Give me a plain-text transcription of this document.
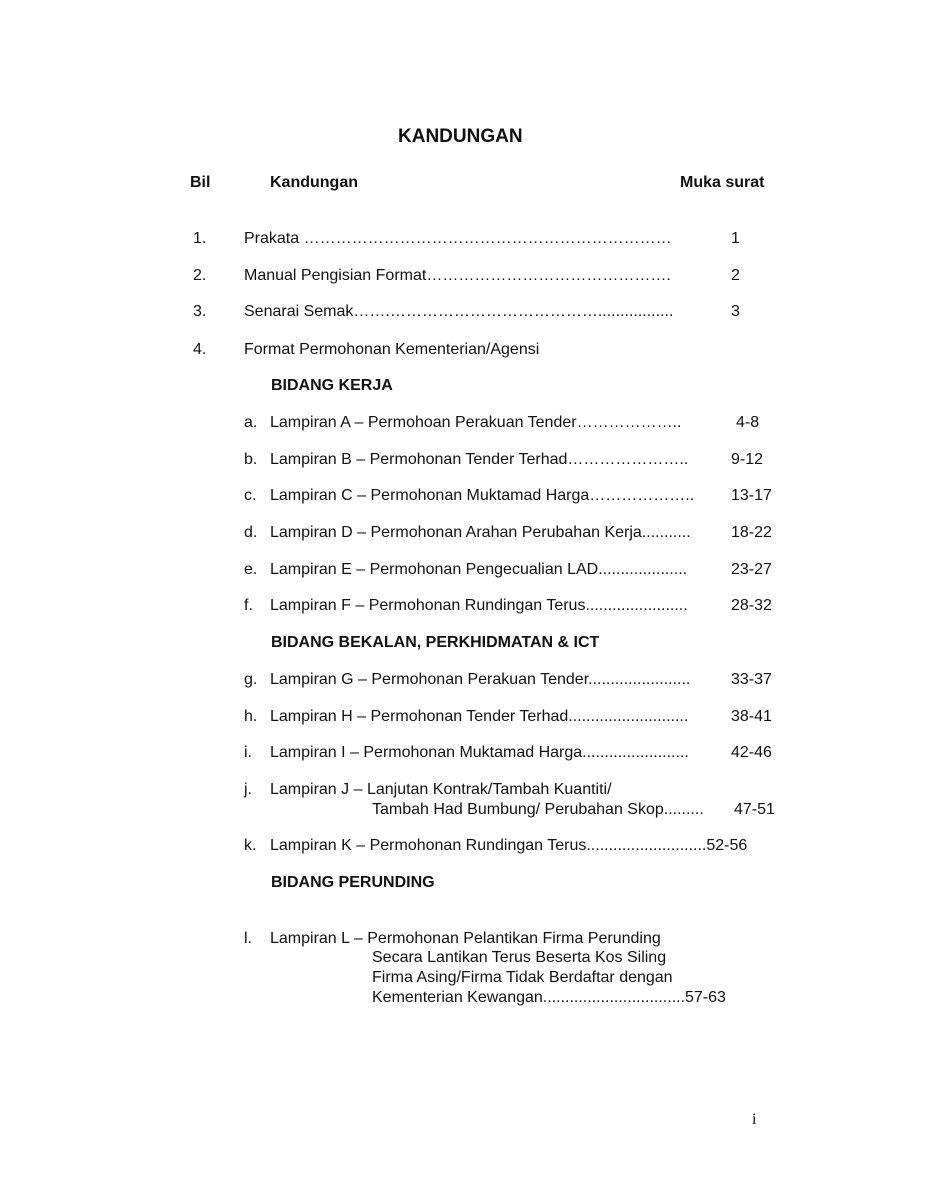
KANDUNGAN
Bil	Kandungan	Muka surat
1. Prakata ……………………………………………………………	1
2. Manual Pengisian Format……………………………………….	2
3. Senarai Semak…….………………………………….................	3
4. Format Permohonan Kementerian/Agensi
BIDANG KERJA
a. Lampiran A – Permohoan Perakuan Tender………………..	4-8
b. Lampiran B – Permohonan Tender Terhad…………………..	9-12
c. Lampiran C – Permohonan Muktamad Harga……………….. 13-17
d. Lampiran D – Permohonan Arahan Perubahan Kerja...........	18-22
e. Lampiran E – Permohonan Pengecualian LAD....................	23-27
f. Lampiran F – Permohonan Rundingan Terus.......................	28-32
BIDANG BEKALAN, PERKHIDMATAN & ICT
g. Lampiran G – Permohonan Perakuan Tender.......................	33-37
h. Lampiran H – Permohonan Tender Terhad...........................	38-41
i. Lampiran I – Permohonan Muktamad Harga........................	42-46
j. Lampiran J – Lanjutan Kontrak/Tambah Kuantiti/
Tambah Had Bumbung/ Perubahan Skop......... 47-51
k. Lampiran K – Permohonan Rundingan Terus...........................52-56
BIDANG PERUNDING
l. Lampiran L – Permohonan Pelantikan Firma Perunding
Secara Lantikan Terus Beserta Kos Siling
Firma Asing/Firma Tidak Berdaftar dengan
Kementerian Kewangan................................57-63
i
